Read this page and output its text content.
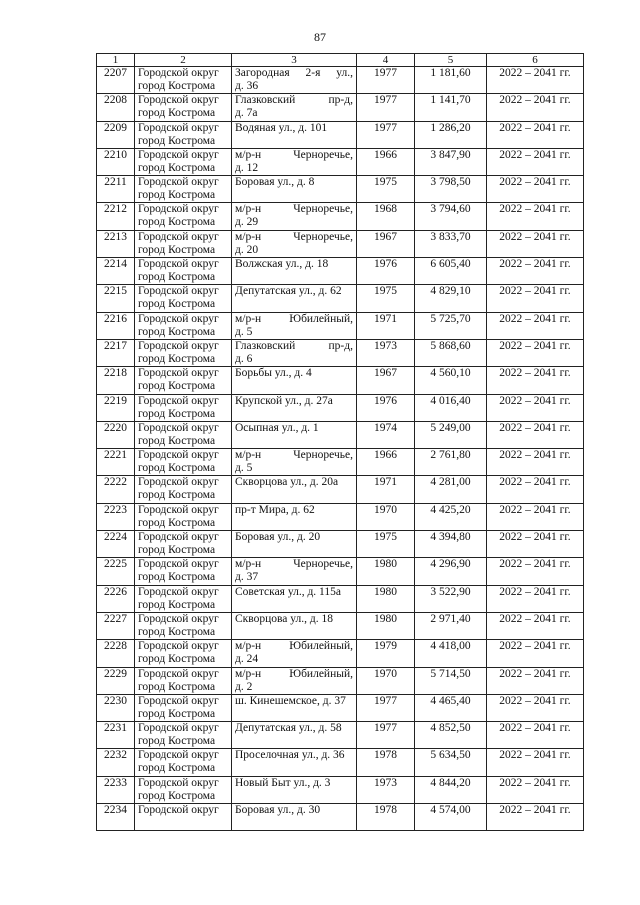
87
1	2	3	4	5	6

2207	Городской округ
город Кострома	Загородная 2-я ул.,
д. 36	1977	1 181,60	2022 – 2041 гг.

2208	Городской округ
город Кострома	Глазковский пр-д,
д. 7а	1977	1 141,70	2022 – 2041 гг.

2209	Городской округ
город Кострома	Водяная ул., д. 101	1977	1 286,20	2022 – 2041 гг.

2210	Городской округ
город Кострома	м/р-н Черноречье,
д. 12	1966	3 847,90	2022 – 2041 гг.

2211	Городской округ
город Кострома	Боровая ул., д. 8	1975	3 798,50	2022 – 2041 гг.

2212	Городской округ
город Кострома	м/р-н Черноречье,
д. 29	1968	3 794,60	2022 – 2041 гг.

2213	Городской округ
город Кострома	м/р-н Черноречье,
д. 20	1967	3 833,70	2022 – 2041 гг.

2214	Городской округ
город Кострома	Волжская ул., д. 18	1976	6 605,40	2022 – 2041 гг.

2215	Городской округ
город Кострома	Депутатская ул., д. 62	1975	4 829,10	2022 – 2041 гг.

2216	Городской округ
город Кострома	м/р-н Юбилейный,
д. 5	1971	5 725,70	2022 – 2041 гг.

2217	Городской округ
город Кострома	Глазковский пр-д,
д. 6	1973	5 868,60	2022 – 2041 гг.

2218	Городской округ
город Кострома	Борьбы ул., д. 4	1967	4 560,10	2022 – 2041 гг.

2219	Городской округ
город Кострома	Крупской ул., д. 27а	1976	4 016,40	2022 – 2041 гг.

2220	Городской округ
город Кострома	Осыпная ул., д. 1	1974	5 249,00	2022 – 2041 гг.

2221	Городской округ
город Кострома	м/р-н Черноречье,
д. 5	1966	2 761,80	2022 – 2041 гг.

2222	Городской округ
город Кострома	Скворцова ул., д. 20а	1971	4 281,00	2022 – 2041 гг.

2223	Городской округ
город Кострома	пр-т Мира, д. 62	1970	4 425,20	2022 – 2041 гг.

2224	Городской округ
город Кострома	Боровая ул., д. 20	1975	4 394,80	2022 – 2041 гг.

2225	Городской округ
город Кострома	м/р-н Черноречье,
д. 37	1980	4 296,90	2022 – 2041 гг.

2226	Городской округ
город Кострома	Советская ул., д. 115а	1980	3 522,90	2022 – 2041 гг.

2227	Городской округ
город Кострома	Скворцова ул., д. 18	1980	2 971,40	2022 – 2041 гг.

2228	Городской округ
город Кострома	м/р-н Юбилейный,
д. 24	1979	4 418,00	2022 – 2041 гг.

2229	Городской округ
город Кострома	м/р-н Юбилейный,
д. 2	1970	5 714,50	2022 – 2041 гг.

2230	Городской округ
город Кострома	ш. Кинешемское, д. 37	1977	4 465,40	2022 – 2041 гг.

2231	Городской округ
город Кострома	Депутатская ул., д. 58	1977	4 852,50	2022 – 2041 гг.

2232	Городской округ
город Кострома	Проселочная ул., д. 36	1978	5 634,50	2022 – 2041 гг.

2233	Городской округ
город Кострома	Новый Быт ул., д. 3	1973	4 844,20	2022 – 2041 гг.

2234	Городской округ	Боровая ул., д. 30	1978	4 574,00	2022 – 2041 гг.
